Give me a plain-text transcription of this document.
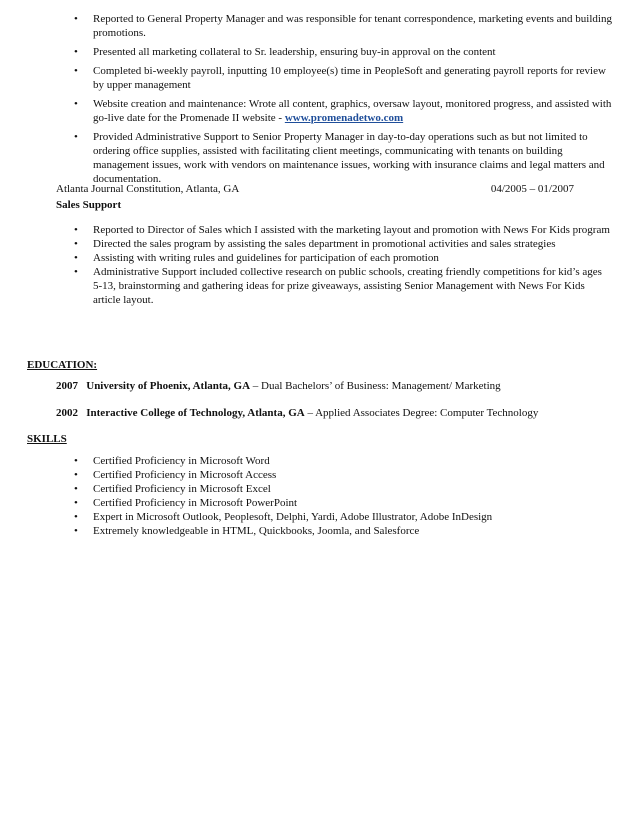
• Reported to General Property Manager and was responsible for tenant correspondence, marketing events and building promotions.
• Presented all marketing collateral to Sr. leadership, ensuring buy-in approval on the content
• Completed bi-weekly payroll, inputting 10 employee(s) time in PeopleSoft and generating payroll reports for review by upper management
• Website creation and maintenance: Wrote all content, graphics, oversaw layout, monitored progress, and assisted with go-live date for the Promenade II website - www.promenadetwo.com
• Provided Administrative Support to Senior Property Manager in day-to-day operations such as but not limited to ordering office supplies, assisted with facilitating client meetings, communicating with tenants on building management issues, work with vendors on maintenance issues, working with insurance claims and legal matters and documentation.
Atlanta Journal Constitution, Atlanta, GA	04/2005 – 01/2007
Sales Support
• Reported to Director of Sales which I assisted with the marketing layout and promotion with News For Kids program
• Directed the sales program by assisting the sales department in promotional activities and sales strategies
• Assisting with writing rules and guidelines for participation of each promotion
• Administrative Support included collective research on public schools, creating friendly competitions for kid’s ages 5-13, brainstorming and gathering ideas for prize giveaways, assisting Senior Management with News For Kids article layout.
EDUCATION:
2007 University of Phoenix, Atlanta, GA – Dual Bachelors’ of Business: Management/ Marketing
2002 Interactive College of Technology, Atlanta, GA – Applied Associates Degree: Computer Technology
SKILLS
• Certified Proficiency in Microsoft Word
• Certified Proficiency in Microsoft Access
• Certified Proficiency in Microsoft Excel
• Certified Proficiency in Microsoft PowerPoint
• Expert in Microsoft Outlook, Peoplesoft, Delphi, Yardi, Adobe Illustrator, Adobe InDesign
• Extremely knowledgeable in HTML, Quickbooks, Joomla, and Salesforce
